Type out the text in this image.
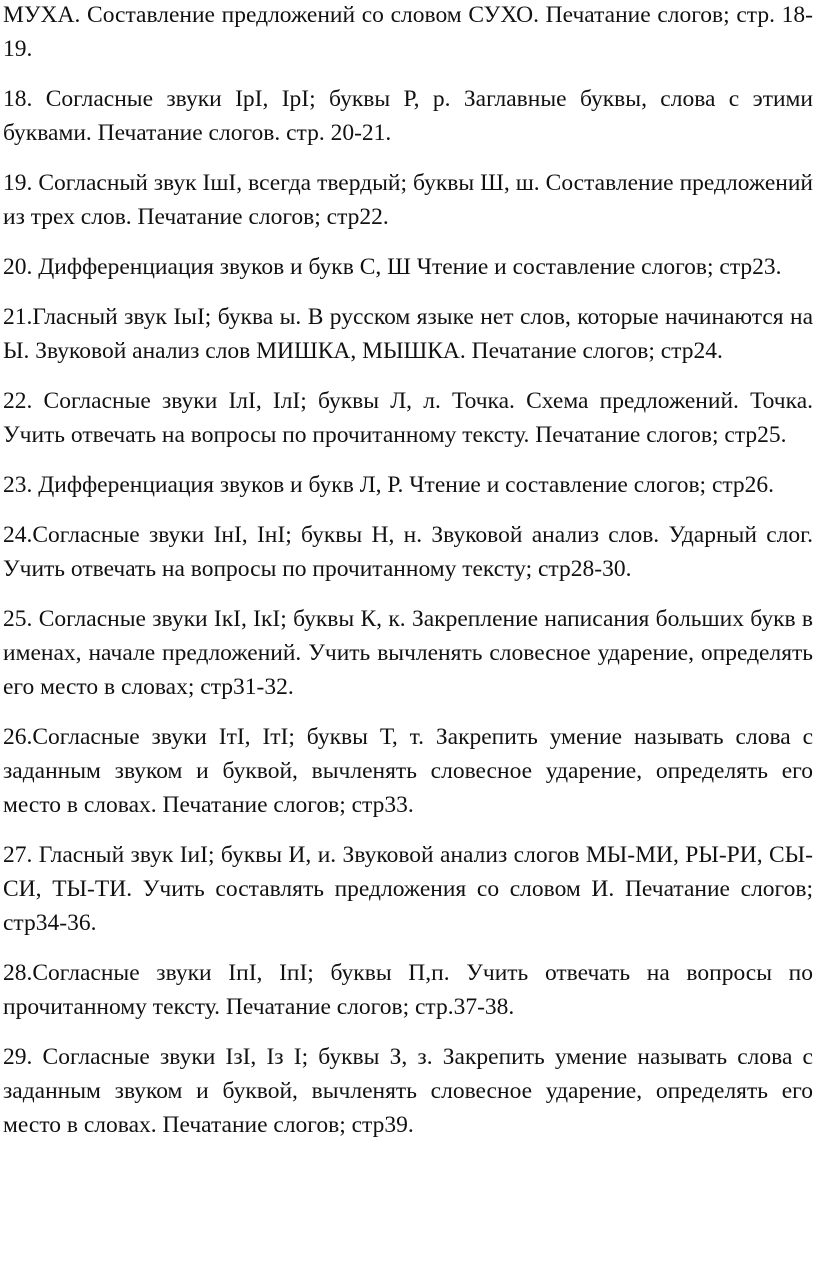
МУХА. Составление предложений со словом СУХО. Печатание слогов; стр. 18-19.

18. Согласные звуки IрI, IрI; буквы Р, р. Заглавные буквы, слова с этими буквами. Печатание слогов. стр. 20-21.

19. Согласный звук IшI, всегда твердый; буквы Ш, ш. Составление предложений из трех слов. Печатание слогов; стр22.

20. Дифференциация звуков и букв С, Ш Чтение и составление слогов; стр23.

21.Гласный звук IыI; буква ы. В русском языке нет слов, которые начинаются на Ы. Звуковой анализ слов МИШКА, МЫШКА. Печатание слогов; стр24.

22. Согласные звуки IлI, IлI; буквы Л, л. Точка. Схема предложений. Точка. Учить отвечать на вопросы по прочитанному тексту. Печатание слогов; стр25.

23. Дифференциация звуков и букв Л, Р. Чтение и составление слогов; стр26.

24.Согласные звуки IнI, IнI; буквы Н, н. Звуковой анализ слов. Ударный слог. Учить отвечать на вопросы по прочитанному тексту; стр28-30.

25. Согласные звуки IкI, IкI; буквы К, к. Закрепление написания больших букв в именах, начале предложений. Учить вычленять словесное ударение, определять его место в словах; стр31-32.

26.Согласные звуки IтI, IтI; буквы Т, т. Закрепить умение называть слова с заданным звуком и буквой, вычленять словесное ударение, определять его место в словах. Печатание слогов; стр33.

27. Гласный звук IиI; буквы И, и. Звуковой анализ слогов МЫ-МИ, РЫ-РИ, СЫ-СИ, ТЫ-ТИ. Учить составлять предложения со словом И. Печатание слогов; стр34-36.

28.Согласные звуки IпI, IпI; буквы П,п. Учить отвечать на вопросы по прочитанному тексту. Печатание слогов; стр.37-38.

29. Согласные звуки IзI, Iз I; буквы З, з. Закрепить умение называть слова с заданным звуком и буквой, вычленять словесное ударение, определять его место в словах. Печатание слогов; стр39.
